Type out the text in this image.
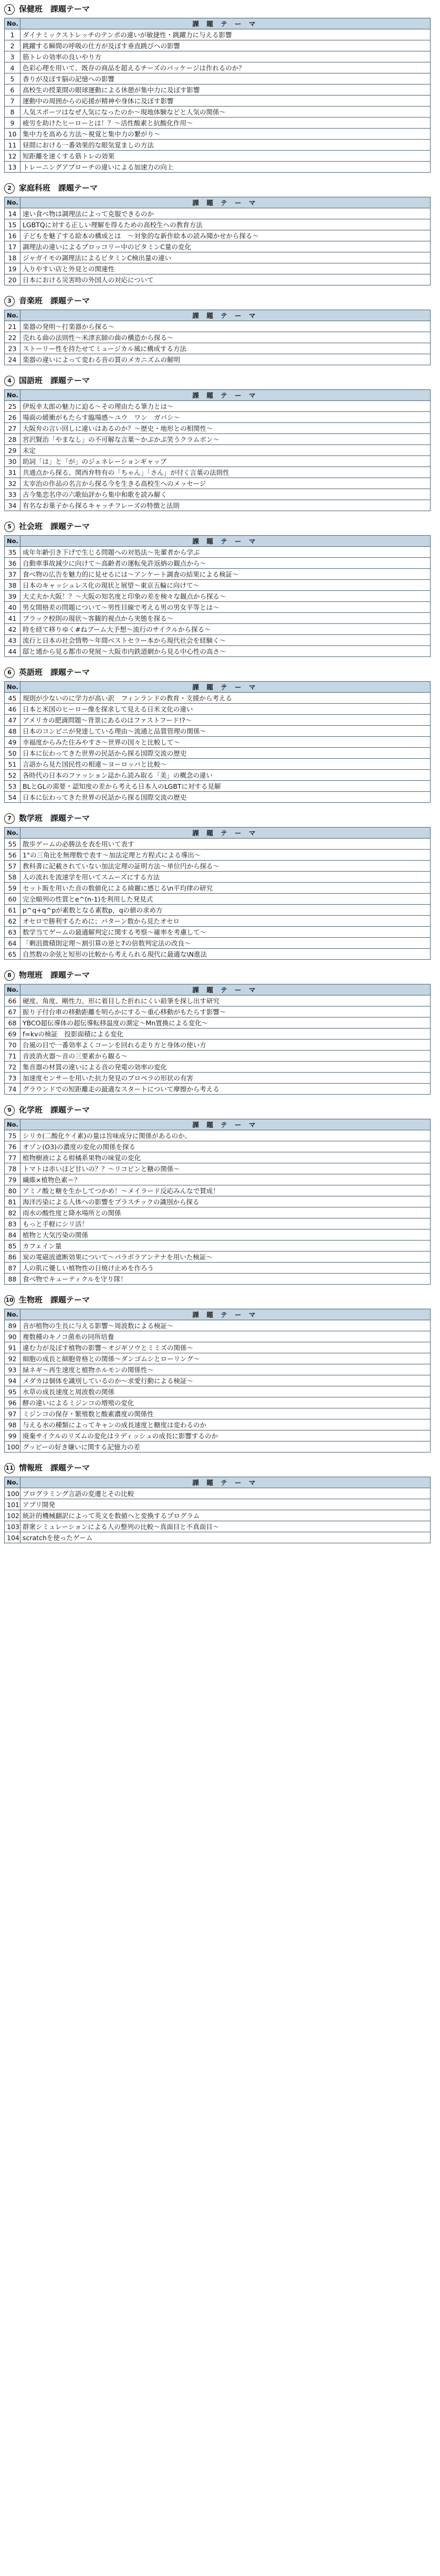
1 保健班　課題テーマ
No.	課 題 テ ー マ
1	ダイナミックストレッチのテンポの違いが敏捷性・跳躍力に与える影響
2	跳躍する瞬間の呼吸の仕方が及ぼす垂直跳びへの影響
3	筋トレの効率の良いやり方
4	色彩心理を用いて、既存の商品を超えるチーズのパッケージは作れるのか？
5	香りが及ぼす脳の記憶への影響
6	高校生の授業間の眼球運動による休憩が集中力に及ぼす影響
7	運動中の周囲からの応援が精神や身体に及ぼす影響
8	人気スポーツはなぜ人気になったのか～現地体験などと人気の関係～
9	疲労を助けたヒーローとは！？～活性酸素と抗酸化作用～
10	集中力を高める方法～視覚と集中力の繋がり～
11	昼間における一番効果的な眼気覚ましの方法
12	短距離を速くする筋トレの効果
13	トレーニングアプローチの違いによる加速力の向上
2 家庭科班　課題テーマ
No.	課 題 テ ー マ
14	速い食べ物は調理法によって克服できるのか
15	LGBTQに対する正しい理解を得るための高校生への教育方法
16	子どもを魅了する絵本の構成とは　～対象的な新作絵本の読み聞かせから探る～
17	調理法の違いによるブロッコリー中のビタミンC量の変化
18	ジャガイモの調理法によるビタミンC検出量の違い
19	入りやすい店と外見との関連性
20	日本における災害時の外国人の対応について
3 音楽班　課題テーマ
No.	課 題 テ ー マ
21	楽器の発明～打楽器から探る～
22	売れる曲の法則性～米津玄師の曲の構造から探る～
23	ストーリー性を持たせてミュージカル風に構成する方法
24	楽器の違いによって変わる音の質のメカニズムの解明
4 国語班　課題テーマ
No.	課 題 テ ー マ
25	伊坂幸太郎の魅力に迫る～その理由たる筆力とは～
26	場面の緩衝がもたらす臨場感～ユウ　ワン　ガバシ～
27	大阪弁の言い回しに違いはあるのか？～歴史・地形との相関性～
28	宮沢賢治「やまなし」の不可解な言葉～かぷかぷ笑うクラムボン～
29	未定
30	助詞「は」と「が」のジェネレーションギャップ
31	共通点から探る、関西弁特有の「ちゃん」「さん」が付く言葉の法則性
32	太宰治の作品の名言から探る今を生きる高校生へのメッセージ
33	古今集恋名序の六歌仙評から集中和歌を読み解く
34	有名なお菓子から探るキャッチフレーズの特徴と法則
5 社会班　課題テーマ
No.	課 題 テ ー マ
35	成年年齢引き下げで生じる問題への対処法～先輩者から学ぶ
36	自動車事故減少に向けて～高齢者の運転免許返納の観点から～
37	食べ物の広告を魅力的に見せるには～アンケート調査の結果による検証～
38	日本のキャッシュレス化の現状と展望～東京五輪に向けて～
39	大丈夫か大阪！？～大阪の知名度と印象の差を検々な観点から探る～
40	男女間格差の問題について～男性目線で考える男の男女平等とは～
41	ブラック校則の現状～客観的視点から実態を探る～
42	時を経て移りゆく#ねブーム大予想～流行のサイクルから探る～
43	流行と日本の社会情勢～年間ベストセラー本から現代社会を経験く～
44	邸と通から見る都市の発展～大阪市内鉄道網から見る中心性の高さ～
6 英語班　課題テーマ
No.	課 題 テ ー マ
45	規則が少ないのに学力が高い訳　フィンランドの教育・支援から考える
46	日本と米国のヒーロー像を探求して見える日米文化の違い
47	アメリカの肥満問題～背景にあるのはファストフード!?～
48	日本のコンビニが発達している理由～流通と品質管理の関係～
49	幸福度からみた住みやすさ～世界の国々と比較して～
50	日本に伝わってきた世界の民話から探る国際交流の歴史
51	言語から見た国民性の相違～ヨーロッパと比較～
52	各時代の日本のファッション誌から読み取る「美」の概念の違い
53	BLとGLの需要・認知度の差から考える日本人のLGBTに対する見解
54	日本に伝わってきた世界の民話から探る国際交流の歴史
7 数学班　課題テーマ
No.	課 題 テ ー マ
55	散歩ゲームの必勝法を表を用いて表す
56	1°の三角比を無理数で表す～加法定理と方程式による導出～
57	教科書に記載されていない加法定理の証明方法～単位円から探る～
58	人の流れを流速学を用いてスムーズにする方法
59	セット販を用いた音の数値化による綺麗に感じる\n平均律の研究
60	完全順列の性質とe^(n-1)を利用した発見式
61	p^q+q^pが素数となる素数p，qの値の求め方
62	オセロで勝利するために；パターン数から見たオセロ
63	数学当てゲームの最適解判定に関する考察～確率を考慮して～
64	「剰沮微積則定理～割引算の逆と7の倍数判定法の改良～
65	自然数の余弦と短形の比較から考えられる現代に最適な\N進法
8 物理班　課題テーマ
No.	課 題 テ ー マ
66	硬度、角度、剛性力、形に着目した折れにくい鉛筆を探し出す研究
67	振り子付台車の移動距離を明らかにする～重心移動がもたらす影響～
68	YBCO超伝導体の超伝導転移温度の測定～Mn置換による変化～
69	f=kvの検証　投影面積による変化
70	台風の目で一番効率よくコーンを回れる走り方と身体の使い方
71	音波消火器～音の三要素から観る～
72	集音器の材質の違いによる音の発電の効率の変化
73	加速度センサーを用いた抗力発見のプロペラの形状の有害
74	グラウンドでの短距離走の最適なスタートについて摩擦から考える
9 化学班　課題テーマ
No.	課 題 テ ー マ
75	シリカ(二酸化ケイ素)の量は旨味成分に関係があるのか。
76	オゾン(O3)の濃度の変化の関係を探る
77	植物樹液による柑橘系果物の味覚の変化
78	トマトは赤いほど甘いの？？～リコピンと糖の関係～
79	繊維×植物色素＝？
80	アミノ酸と糖を生かしてつかめ！～メイラード反応みんなで賛成！
81	海洋汚染による人体への影響をプラスチックの識別から探る
82	雨水の酸性度と降水場所との関係
83	もっと手軽にシリ活！
84	植物と大気汚染の関係
85	カフェイン量
86	炭の電磁波遮断効果について～パラボラアンテナを用いた検証～
87	人の肌に優しい植物性の日焼け止めを作ろう
88	食べ物でキューティクルを守り隊！
10 生物班　課題テーマ
No.	課 題 テ ー マ
89	音が植物の生長に与える影響～周波数による検証～
90	複数種のキノコ菌糸の同所培養
91	違む力が及ぼす植物の影響～オジギソウとミミズの関係～
92	細胞の成長と細胞骨格との関係～ダンゴムシとローリング～
93	緑ネギ～再生速度と植物ホルモンの関係性～
94	メダカは個体を識別しているのか～求愛行動による検証～
95	水草の成長速度と周波数の関係
96	酵の違いによるミジンコの増殖の変化
97	ミジンコの保存・繁殖数と酸素濃度の関係性
98	与える水の種類によってキャンの成長速度と糖度は変わるのか
99	廃棄サイクルのリズムの変化はラディッシュの成長に影響するのか
100	グッピーの好き嫌いに関する記憶力の差
11 情報班　課題テーマ
No.	課 題 テ ー マ
100	プログラミング言語の変遷とその比較
101	アプリ開発
102	統計的機械翻訳によって英文を数値へと変換するプログラム
103	群衆シミュレーションによる人の整列の比較～真面目と不真面目～
104	scratchを使ったゲーム
